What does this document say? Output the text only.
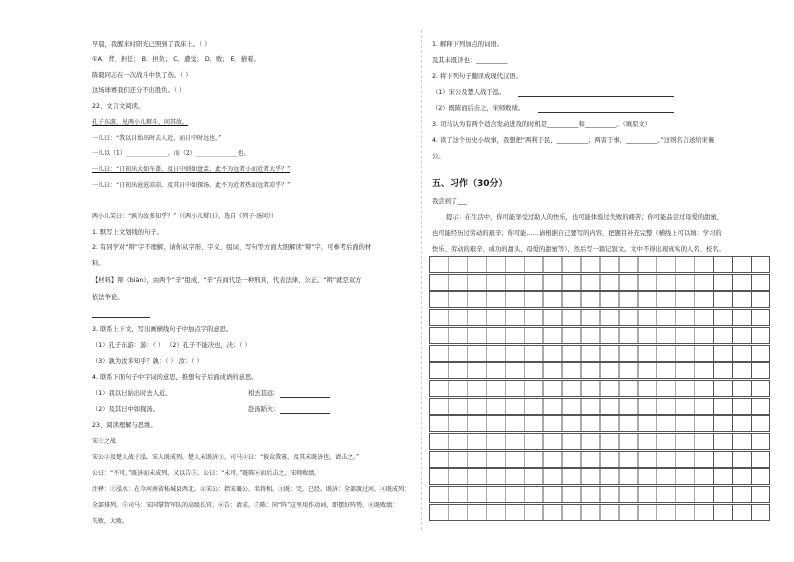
早晨，我醒来时阳光已照到了我床上。（ ）
①A．背、担任； B．担负； C．遭受； D．败； E．猜着。
陈毅同志在一次战斗中负了伤。（ ）
这场球赛我们还分不出胜负。（ ）
22、文言文阅读。
孔子东游，见两小儿辩斗，问其故。
一儿曰：“我以日始出时去人近，而日中时远也。”
一儿以（1）______________，而（2）______________也。
一儿曰：“日初出大如车盖，及日中则如盘盂，此不为远者小而近者大乎？”
一儿曰：“日初出沧沧凉凉，及其日中如探汤，此不为近者热而远者凉乎？”
两小儿笑曰：“孰为汝多知乎？”（《两小儿辩日》，选自《列子·汤问》）
1. 默写上文划线的句子。
2. 有同学对“辩”字不理解，请你从字形、字义、组词、写句等方面大胆解读“辩”字，可参考后面的材
料。
【材料】辩（biàn），由两个“辛”组成，“辛”在商代是一种刑具，代表法律、公正。“辩”就是双方
依法争论。
3. 联系上下文，写出画横线句子中加点字的意思。
（1）孔子东游：游：（ ） （2）孔子不能决也，决：（ ）
（3）孰为汝多知乎？孰：（ ） 汝：（ ）
4. 联系下面句子中字词的意思，推想句子后面成语的意思。
（1）我以日始出时去人近。	相去甚远：
（2）及其日中如探汤。	赴汤蹈火：
23、阅读理解与思维。
宋①之战
宋公②及楚人战于泓。宋人既成列，楚人未既济③。司马④曰：“彼众我寡，及其未既济也，请击之。”
公曰：“不可。”既济而未成列，又以告⑤。公曰：“未可。”既陈⑥而后击之，宋师败绩。
注释：①泓水：在今河南省柘城县西北。②宋公：指宋襄公。名将相。③既：完，已经。既济：全部渡过河。④既成列：
全部排列。⑤司马：宋国掌管军队的高级长官。⑥告：请求。⑦陈：同“阵”这里用作动词，即摆好阵势。⑧既败绩：
失败，大败。
1. 解释下列加点的词语。
及其未既济也：__________
2. 将下列句子翻译成现代汉语。
（1）宋公及楚人战于泓。
（2）既陈而后击之，宋师败绩。
3. 司马认为有两个适合发动进攻的时机是__________和__________。（填原文）
4. 读了这个历史小故事，我想把“两利于民，__________；两害于事，__________。”这则名言送给宋襄
公。
五、习作（30分）
我尝到了___
提示：在生活中，你可能享受过助人的快乐，也可能体验过失败的痛苦；你可能品尝过母爱的甜蜜，
也可能经历过劳动的艰辛；你可能……请根据自己要写的内容，把题目补充完整（横线上可以填：学习的
快乐、劳动的艰辛、成功的甜头、母爱的甜蜜等），然后写一篇记叙文。文中不得出现真实的人名、校名。
